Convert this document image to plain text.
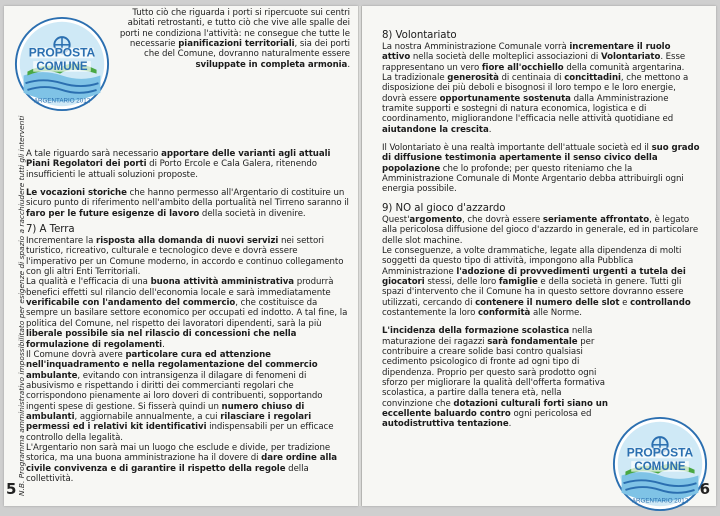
PROPOSTA
COMUNE
ARGENTARIO 2012
N.B. Programma amministrativo impossibilitato per esigenze di spazio a racchiudere tutti gli interventi

Tutto ciò che riguarda i porti si ripercuote sui centri abitati retrostanti, e tutto ciò che vive alle spalle dei porti ne condiziona l'attività: ne consegue che tutte le necessarie pianificazioni territoriali, sia dei porti che del Comune, dovranno naturalmente essere sviluppate in completa armonia.

A tale riguardo sarà necessario apportare delle varianti agli attuali Piani Regolatori dei porti di Porto Ercole e Cala Galera, ritenendo insufficienti le attuali soluzioni proposte.

Le vocazioni storiche che hanno permesso all'Argentario di costituire un sicuro punto di riferimento nell'ambito della portualità nel Tirreno saranno il faro per le future esigenze di lavoro della società in divenire.

7) A Terra

Incrementare la risposta alla domanda di nuovi servizi nei settori turistico, ricreativo, culturale e tecnologico deve e dovrà essere l'imperativo per un Comune moderno, in accordo e continuo collegamento con gli altri Enti Territoriali.

La qualità e l'efficacia di una buona attività amministrativa produrrà benefici effetti sul rilancio dell'economia locale e sarà immediatamente verificabile con l'andamento del commercio, che costituisce da sempre un basilare settore economico per occupati ed indotto. A tal fine, la politica del Comune, nel rispetto dei lavoratori dipendenti, sarà la più liberale possibile sia nel rilascio di concessioni che nella formulazione di regolamenti.

Il Comune dovrà avere particolare cura ed attenzione nell'inquadramento e nella regolamentazione del commercio ambulante, evitando con intransigenza il dilagare di fenomeni di abusivismo e rispettando i diritti dei commercianti regolari che corrispondono pienamente ai loro doveri di contribuenti, sopportando ingenti spese di gestione. Si fisserà quindi un numero chiuso di ambulanti, aggiornabile annualmente, a cui rilasciare i regolari permessi ed i relativi kit identificativi indispensabili per un efficace controllo della legalità.

L'Argentario non sarà mai un luogo che esclude e divide, per tradizione storica, ma una buona amministrazione ha il dovere di dare ordine alla civile convivenza e di garantire il rispetto della regole della collettività.

5
8) Volontariato

La nostra Amministrazione Comunale vorrà incrementare il ruolo attivo nella società delle molteplici associazioni di Volontariato. Esse rappresentano un vero fiore all'occhiello della comunità argentarina.

La tradizionale generosità di centinaia di concittadini, che mettono a disposizione dei più deboli e bisognosi il loro tempo e le loro energie, dovrà essere opportunamente sostenuta dalla Amministrazione tramite supporti e sostegni di natura economica, logistica e di coordinamento, migliorandone l'efficacia nelle attività quotidiane ed aiutandone la crescita.

Il Volontariato è una realtà importante dell'attuale società ed il suo grado di diffusione testimonia apertamente il senso civico della popolazione che lo profonde; per questo riteniamo che la Amministrazione Comunale di Monte Argentario debba attribuirgli ogni energia possibile.

9) NO al gioco d'azzardo

Quest'argomento, che dovrà essere seriamente affrontato, è legato alla pericolosa diffusione del gioco d'azzardo in generale, ed in particolare delle slot machine.

Le conseguenze, a volte drammatiche, legate alla dipendenza di molti soggetti da questo tipo di attività, impongono alla Pubblica Amministrazione l'adozione di provvedimenti urgenti a tutela dei giocatori stessi, delle loro famiglie e della società in genere. Tutti gli spazi d'intervento che il Comune ha in questo settore dovranno essere utilizzati, cercando di contenere il numero delle slot e controllando costantemente la loro conformità alle Norme.

L'incidenza della formazione scolastica nella maturazione dei ragazzi sarà fondamentale per contribuire a creare solide basi contro qualsiasi cedimento psicologico di fronte ad ogni tipo di dipendenza. Proprio per questo sarà prodotto ogni sforzo per migliorare la qualità dell'offerta formativa scolastica, a partire dalla tenera età, nella convinzione che dotazioni culturali forti siano un eccellente baluardo contro ogni pericolosa ed autodistruttiva tentazione.

PROPOSTA
COMUNE
ARGENTARIO 2012
6
